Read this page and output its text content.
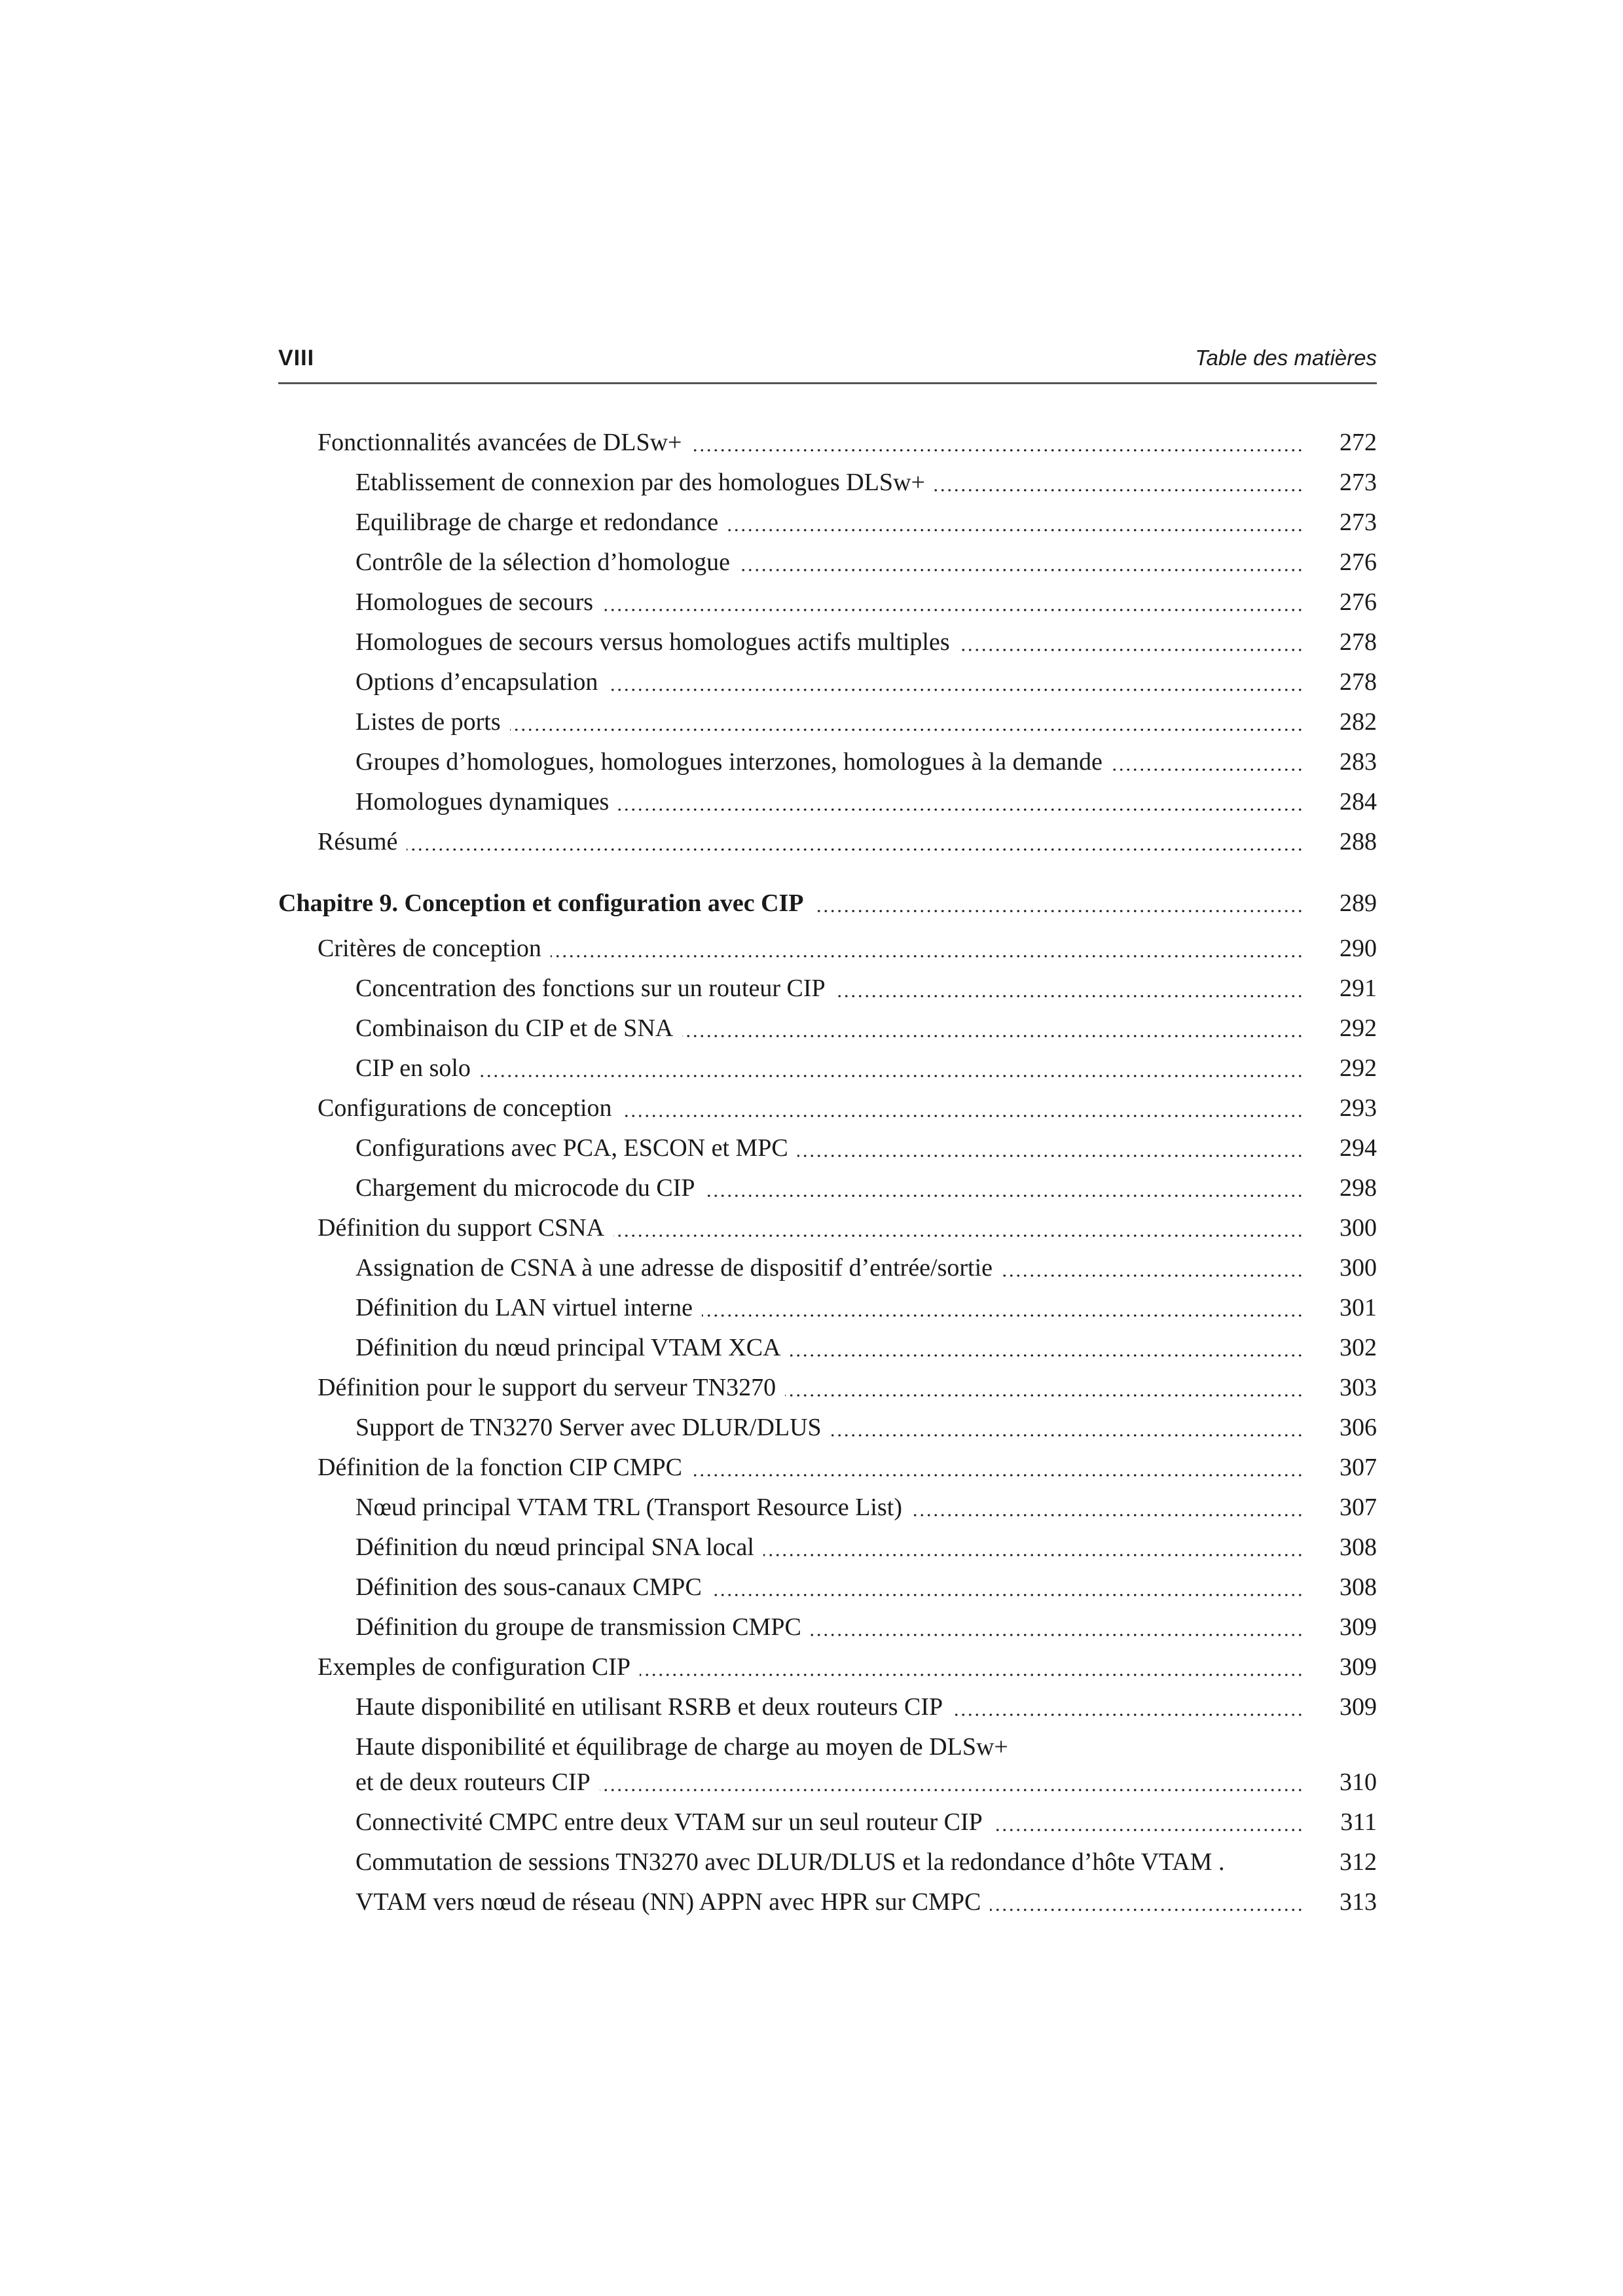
VIII	Table des matières
Fonctionnalités avancées de DLSw+	272
Etablissement de connexion par des homologues DLSw+	273
Equilibrage de charge et redondance	273
Contrôle de la sélection d’homologue	276
Homologues de secours	276
Homologues de secours versus homologues actifs multiples	278
Options d’encapsulation	278
Listes de ports	282
Groupes d’homologues, homologues interzones, homologues à la demande	283
Homologues dynamiques	284
Résumé	288
Chapitre 9. Conception et configuration avec CIP	289
Critères de conception	290
Concentration des fonctions sur un routeur CIP	291
Combinaison du CIP et de SNA	292
CIP en solo	292
Configurations de conception	293
Configurations avec PCA, ESCON et MPC	294
Chargement du microcode du CIP	298
Définition du support CSNA	300
Assignation de CSNA à une adresse de dispositif d’entrée/sortie	300
Définition du LAN virtuel interne	301
Définition du nœud principal VTAM XCA	302
Définition pour le support du serveur TN3270	303
Support de TN3270 Server avec DLUR/DLUS	306
Définition de la fonction CIP CMPC	307
Nœud principal VTAM TRL (Transport Resource List)	307
Définition du nœud principal SNA local	308
Définition des sous-canaux CMPC	308
Définition du groupe de transmission CMPC	309
Exemples de configuration CIP	309
Haute disponibilité en utilisant RSRB et deux routeurs CIP	309
Haute disponibilité et équilibrage de charge au moyen de DLSw+
et de deux routeurs CIP	310
Connectivité CMPC entre deux VTAM sur un seul routeur CIP	311
Commutation de sessions TN3270 avec DLUR/DLUS et la redondance d’hôte VTAM .	312
VTAM vers nœud de réseau (NN) APPN avec HPR sur CMPC	313
